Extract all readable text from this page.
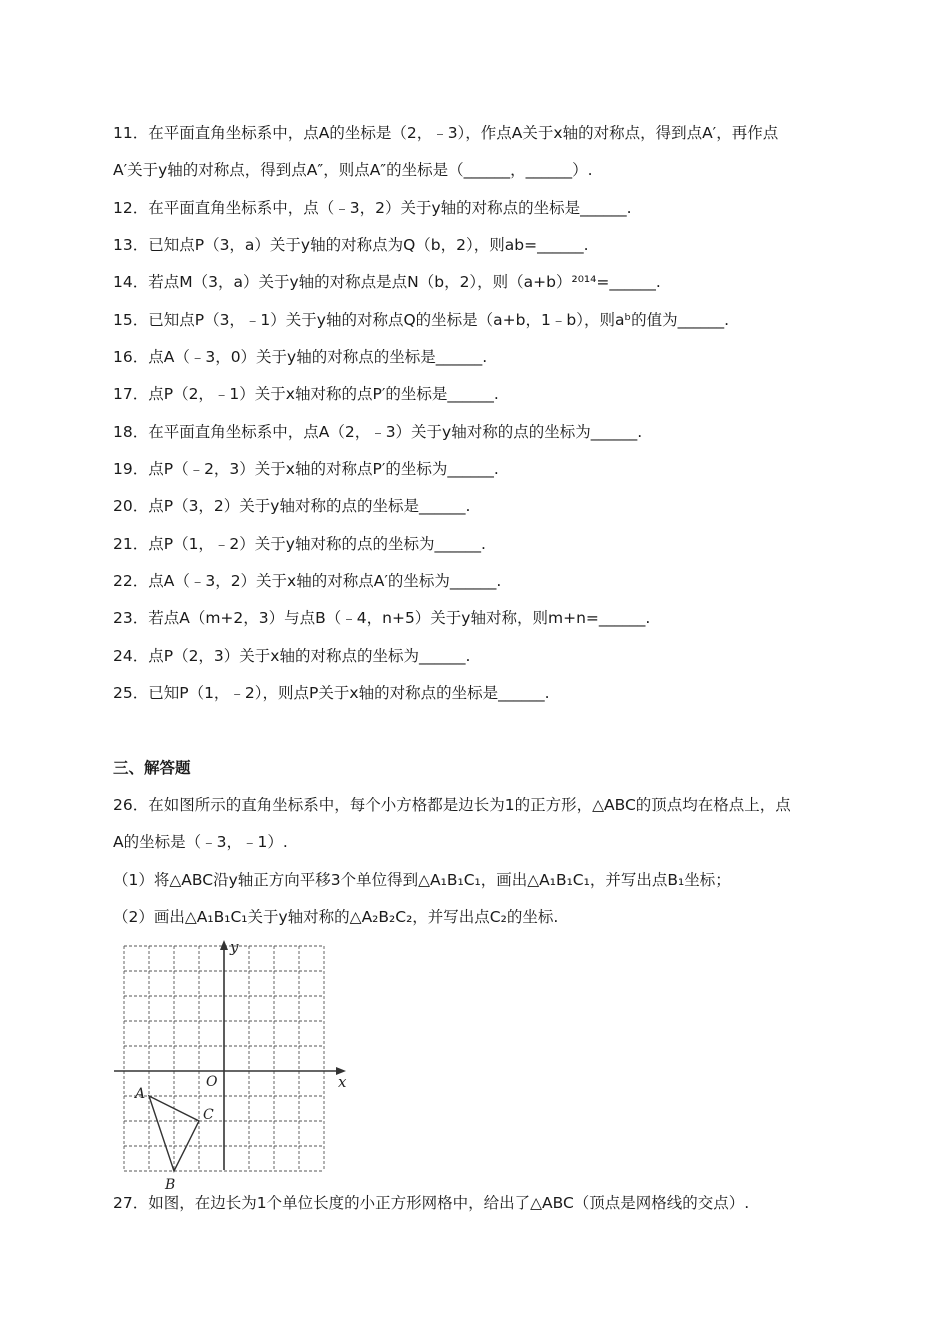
11．在平面直角坐标系中，点A的坐标是（2，﹣3），作点A关于x轴的对称点，得到点A′，再作点
A′关于y轴的对称点，得到点A″，则点A″的坐标是（______，______）.
12．在平面直角坐标系中，点（﹣3，2）关于y轴的对称点的坐标是______.
13．已知点P（3，a）关于y轴的对称点为Q（b，2），则ab=______.
14．若点M（3，a）关于y轴的对称点是点N（b，2），则（a+b）²⁰¹⁴=______.
15．已知点P（3，﹣1）关于y轴的对称点Q的坐标是（a+b，1﹣b），则aᵇ的值为______.
16．点A（﹣3，0）关于y轴的对称点的坐标是______.
17．点P（2，﹣1）关于x轴对称的点P′的坐标是______.
18．在平面直角坐标系中，点A（2，﹣3）关于y轴对称的点的坐标为______.
19．点P（﹣2，3）关于x轴的对称点P′的坐标为______.
20．点P（3，2）关于y轴对称的点的坐标是______.
21．点P（1，﹣2）关于y轴对称的点的坐标为______.
22．点A（﹣3，2）关于x轴的对称点A′的坐标为______.
23．若点A（m+2，3）与点B（﹣4，n+5）关于y轴对称，则m+n=______.
24．点P（2，3）关于x轴的对称点的坐标为______.
25．已知P（1，﹣2），则点P关于x轴的对称点的坐标是______.
三、解答题
26．在如图所示的直角坐标系中，每个小方格都是边长为1的正方形，△ABC的顶点均在格点上，点
A的坐标是（﹣3，﹣1）.
（1）将△ABC沿y轴正方向平移3个单位得到△A₁B₁C₁，画出△A₁B₁C₁，并写出点B₁坐标；
（2）画出△A₁B₁C₁关于y轴对称的△A₂B₂C₂，并写出点C₂的坐标.
x
y
O
A
B
C
27．如图，在边长为1个单位长度的小正方形网格中，给出了△ABC（顶点是网格线的交点）.
